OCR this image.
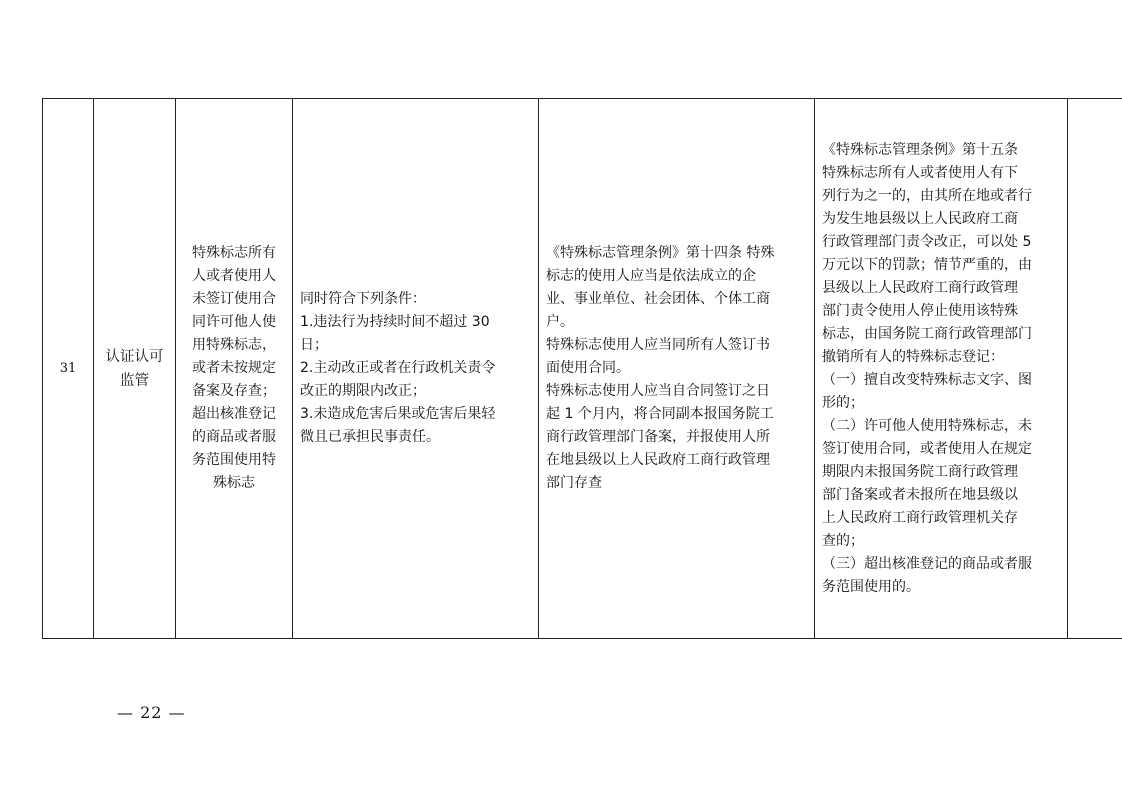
31	认证认可
监管	特殊标志所有
人或者使用人
未签订使用合
同许可他人使
用特殊标志，
或者未按规定
备案及存查；
超出核准登记
的商品或者服
务范围使用特
殊标志	同时符合下列条件：
1.违法行为持续时间不超过 30
日；
2.主动改正或者在行政机关责令
改正的期限内改正；
3.未造成危害后果或危害后果轻
微且已承担民事责任。	《特殊标志管理条例》第十四条 特殊
标志的使用人应当是依法成立的企
业、事业单位、社会团体、个体工商
户。
特殊标志使用人应当同所有人签订书
面使用合同。
特殊标志使用人应当自合同签订之日
起 1 个月内，将合同副本报国务院工
商行政管理部门备案，并报使用人所
在地县级以上人民政府工商行政管理
部门存查	《特殊标志管理条例》第十五条
特殊标志所有人或者使用人有下
列行为之一的，由其所在地或者行
为发生地县级以上人民政府工商
行政管理部门责令改正，可以处 5
万元以下的罚款；情节严重的，由
县级以上人民政府工商行政管理
部门责令使用人停止使用该特殊
标志，由国务院工商行政管理部门
撤销所有人的特殊标志登记：
（一）擅自改变特殊标志文字、图
形的；
（二）许可他人使用特殊标志，未
签订使用合同，或者使用人在规定
期限内未报国务院工商行政管理
部门备案或者未报所在地县级以
上人民政府工商行政管理机关存
查的；
（三）超出核准登记的商品或者服
务范围使用的。	
— 22 —
